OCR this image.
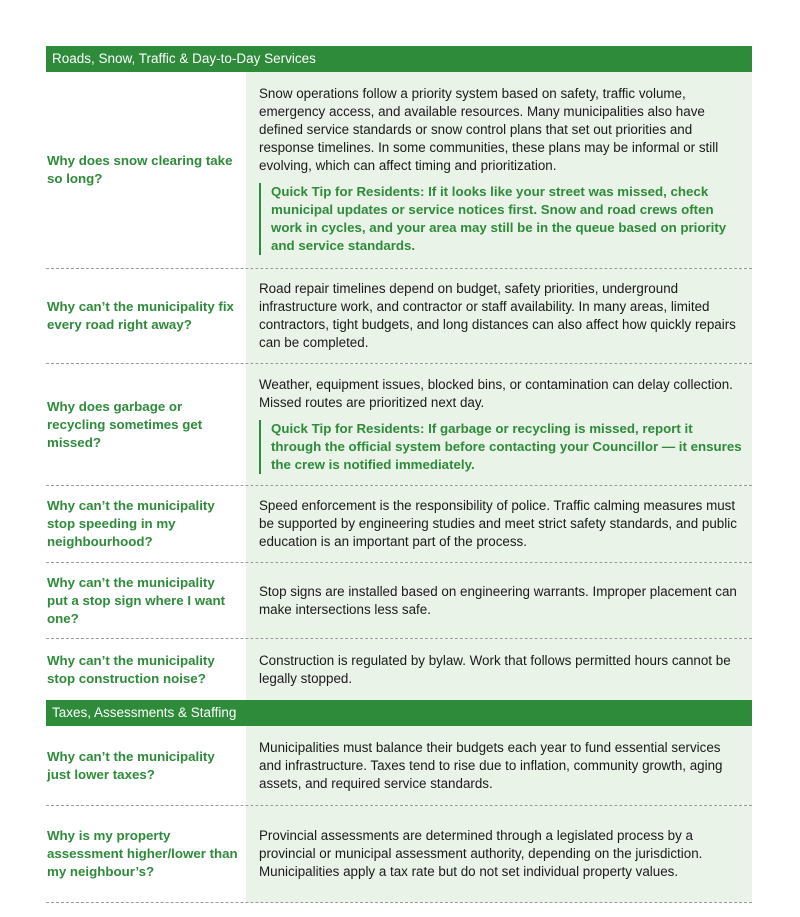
Roads, Snow, Traffic & Day-to-Day Services
Why does snow clearing take so long?

Snow operations follow a priority system based on safety, traffic volume, emergency access, and available resources. Many municipalities also have defined service standards or snow control plans that set out priorities and response timelines. In some communities, these plans may be informal or still evolving, which can affect timing and prioritization.

Quick Tip for Residents: If it looks like your street was missed, check municipal updates or service notices first. Snow and road crews often work in cycles, and your area may still be in the queue based on priority and service standards.
Why can’t the municipality fix every road right away?

Road repair timelines depend on budget, safety priorities, underground infrastructure work, and contractor or staff availability. In many areas, limited contractors, tight budgets, and long distances can also affect how quickly repairs can be completed.

Why does garbage or recycling sometimes get missed?

Weather, equipment issues, blocked bins, or contamination can delay collection. Missed routes are prioritized next day.

Quick Tip for Residents: If garbage or recycling is missed, report it through the official system before contacting your Councillor — it ensures the crew is notified immediately.
Why can’t the municipality stop speeding in my neighbourhood?

Speed enforcement is the responsibility of police. Traffic calming measures must be supported by engineering studies and meet strict safety standards, and public education is an important part of the process.

Why can’t the municipality put a stop sign where I want one?

Stop signs are installed based on engineering warrants. Improper placement can make intersections less safe.

Why can’t the municipality stop construction noise?

Construction is regulated by bylaw. Work that follows permitted hours cannot be legally stopped.

Taxes, Assessments & Staffing
Why can’t the municipality just lower taxes?

Municipalities must balance their budgets each year to fund essential services and infrastructure. Taxes tend to rise due to inflation, community growth, aging assets, and required service standards.

Why is my property assessment higher/lower than my neighbour’s?

Provincial assessments are determined through a legislated process by a provincial or municipal assessment authority, depending on the jurisdiction. Municipalities apply a tax rate but do not set individual property values.
